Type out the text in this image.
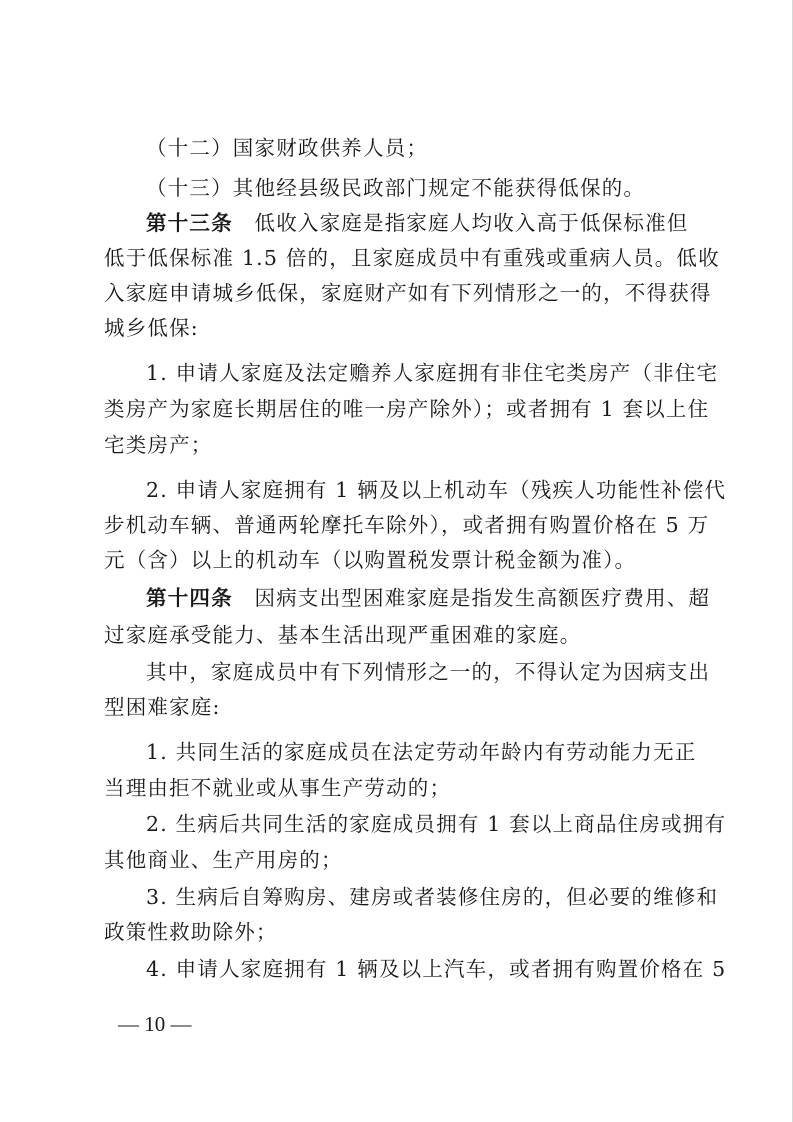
（十二）国家财政供养人员；
（十三）其他经县级民政部门规定不能获得低保的。
第十三条　低收入家庭是指家庭人均收入高于低保标准但
低于低保标准 1.5 倍的，且家庭成员中有重残或重病人员。低收
入家庭申请城乡低保，家庭财产如有下列情形之一的，不得获得
城乡低保:
1. 申请人家庭及法定赡养人家庭拥有非住宅类房产（非住宅
类房产为家庭长期居住的唯一房产除外）；或者拥有 1 套以上住
宅类房产；
2. 申请人家庭拥有 1 辆及以上机动车（残疾人功能性补偿代
步机动车辆、普通两轮摩托车除外），或者拥有购置价格在 5 万
元（含）以上的机动车（以购置税发票计税金额为准）。
第十四条　因病支出型困难家庭是指发生高额医疗费用、超
过家庭承受能力、基本生活出现严重困难的家庭。
其中，家庭成员中有下列情形之一的，不得认定为因病支出
型困难家庭:
1. 共同生活的家庭成员在法定劳动年龄内有劳动能力无正
当理由拒不就业或从事生产劳动的；
2. 生病后共同生活的家庭成员拥有 1 套以上商品住房或拥有
其他商业、生产用房的；
3. 生病后自筹购房、建房或者装修住房的，但必要的维修和
政策性救助除外；
4. 申请人家庭拥有 1 辆及以上汽车，或者拥有购置价格在 5
— 10 —
